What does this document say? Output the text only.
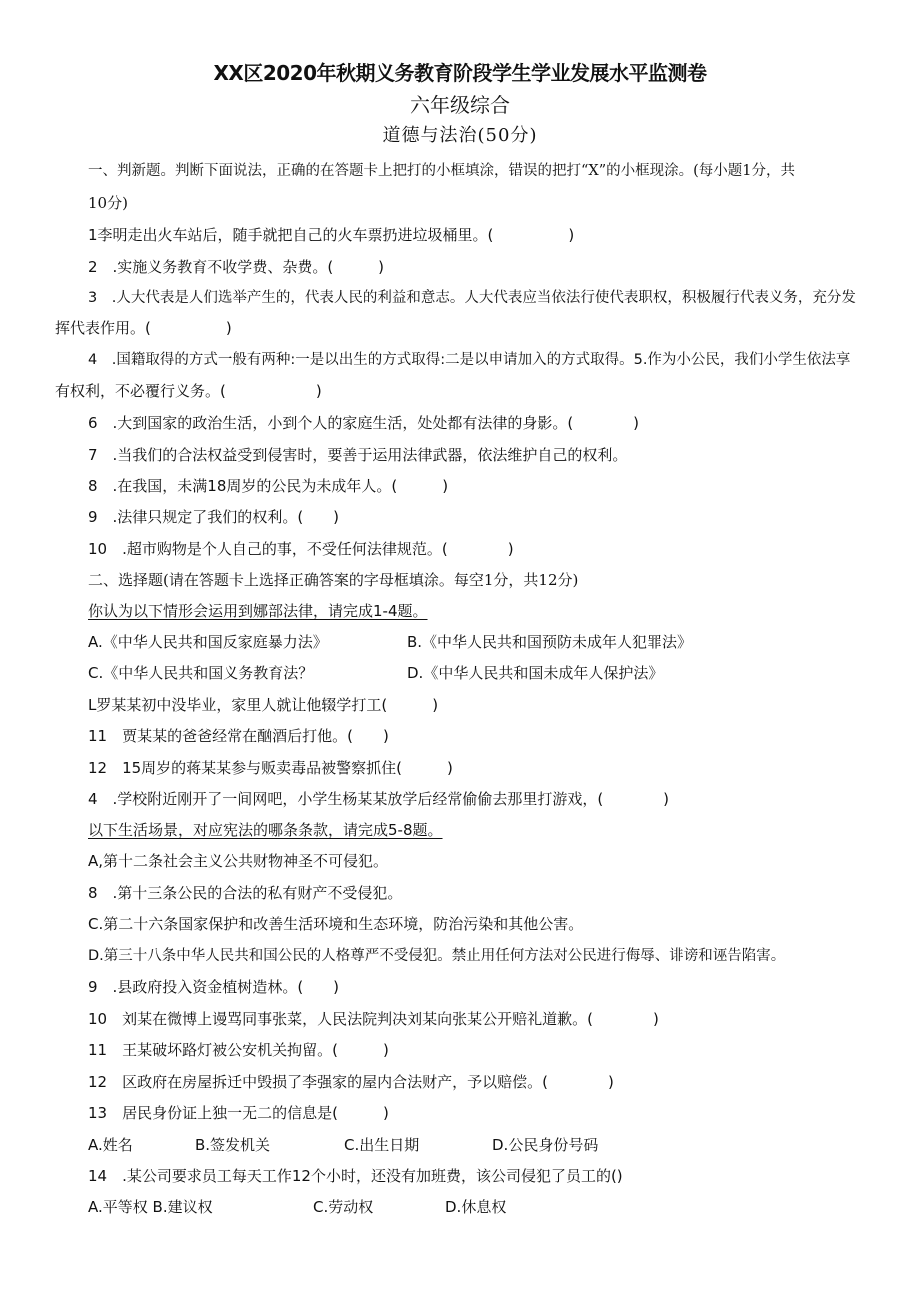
XX区2020年秋期义务教育阶段学生学业发展水平监测卷
六年级综合
道德与法治(50分)
一、判新题。判断下面说法，正确的在答题卡上把打的小框填涂，错误的把打“X”的小框现涂。(每小题1分，共
10分)
1李明走出火车站后，随手就把自己的火车票扔进垃圾桶里。(　　　　　)
2　.实施义务教育不收学费、杂费。(　　　)
3　.人大代表是人们选举产生的，代表人民的利益和意志。人大代表应当依法行使代表职权，积极履行代表义务，充分发
挥代表作用。(　　　　　)
4　.国籍取得的方式一般有两种:一是以出生的方式取得:二是以申请加入的方式取得。5.作为小公民，我们小学生依法享
有权利，不必覆行义务。(　　　　　　)
6　.大到国家的政治生活，小到个人的家庭生活，处处都有法律的身影。(　　　　)
7　.当我们的合法权益受到侵害时，要善于运用法律武器，依法维护自己的权利。
8　.在我国，未满18周岁的公民为未成年人。(　　　)
9　.法律只规定了我们的权利。(　　)
10　.超市购物是个人自己的事，不受任何法律规范。(　　　　)
二、选择题(请在答题卡上选择正确答案的字母框填涂。每空1分，共12分)
你认为以下情形会运用到娜部法律，请完成1-4题。
A.《中华人民共和国反家庭暴力法》	B.《中华人民共和国预防未成年人犯罪法》
C.《中华人民共和国义务教育法？	D.《中华人民共和国未成年人保护法》
L罗某某初中没毕业，家里人就让他辍学打工(　　　)
11　贾某某的爸爸经常在酗酒后打他。(　　)
12　15周岁的蒋某某参与贩卖毒品被警察抓住(　　　)
4　.学校附近刚开了一间网吧，小学生杨某某放学后经常偷偷去那里打游戏，(　　　　)
以下生活场景，对应宪法的哪条条款，请完成5-8题。
A,第十二条社会主义公共财物神圣不可侵犯。
8　.第十三条公民的合法的私有财产不受侵犯。
C.第二十六条国家保护和改善生活环境和生态环境，防治污染和其他公害。
D.第三十八条中华人民共和国公民的人格尊严不受侵犯。禁止用任何方法对公民进行侮辱、诽谤和诬告陷害。
9　.县政府投入资金植树造林。(　　)
10　刘某在微博上谩骂同事张菜，人民法院判决刘某向张某公开赔礼道歉。(　　　　)
11　王某破坏路灯被公安机关拘留。(　　　)
12　区政府在房屋拆迁中毁损了李强家的屋内合法财产，予以赔偿。(　　　　)
13　居民身份证上独一无二的信息是(　　　)
A.姓名	B.签发机关	C.出生日期	D.公民身份号码
14　.某公司要求员工每天工作12个小时，还没有加班费，该公司侵犯了员工的()
A.平等权 B.建议权	C.劳动权	D.休息权
